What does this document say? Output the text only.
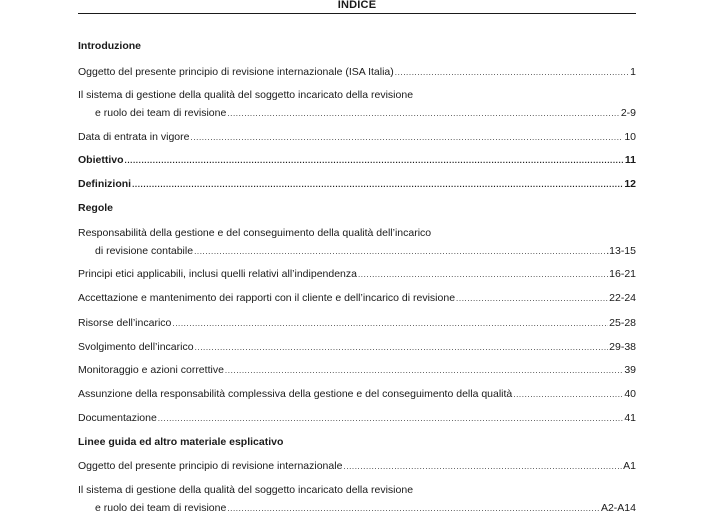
INDICE
Introduzione
Oggetto del presente principio di revisione internazionale (ISA Italia) .....	1
Il sistema di gestione della qualità del soggetto incaricato della revisione
e ruolo dei team di revisione .....	2-9
Data di entrata in vigore .....	10
Obiettivo .....	11
Definizioni .....	12
Regole
Responsabilità della gestione e del conseguimento della qualità dell’incarico
di revisione contabile .....	.13-15
Principi etici applicabili, inclusi quelli relativi all’indipendenza .....	16-21
Accettazione e mantenimento dei rapporti con il cliente e dell’incarico di revisione .....	22-24
Risorse dell’incarico .....	25-28
Svolgimento dell’incarico .....	29-38
Monitoraggio e azioni correttive .....	39
Assunzione della responsabilità complessiva della gestione e del conseguimento della qualità .....	40
Documentazione .....	41
Linee guida ed altro materiale esplicativo
Oggetto del presente principio di revisione internazionale .....	A1
Il sistema di gestione della qualità del soggetto incaricato della revisione
e ruolo dei team di revisione .....	A2-A14
